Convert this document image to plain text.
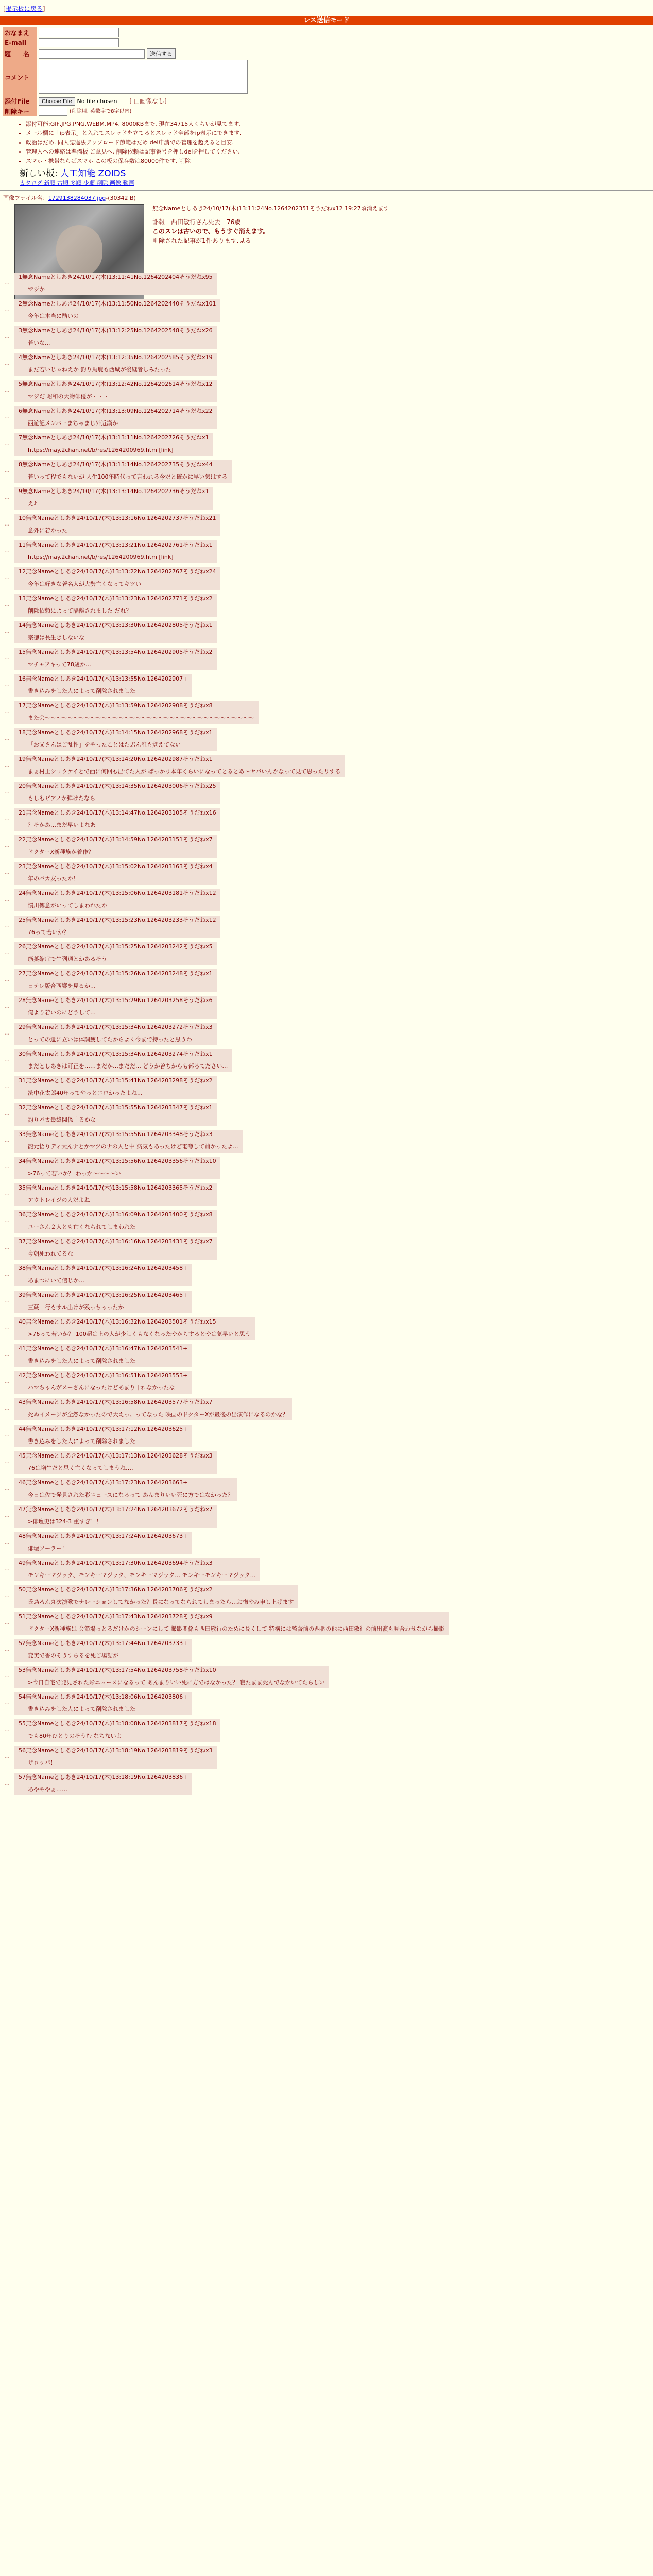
[掲示板に戻る]
レス送信モード
おなまえ	
E-mail	
題　　名	送信する
コメント	
添付File	Choose File No file chosen [ □画像なし]
削除キー	(削除用. 英数字で8字以内)
• 添付可能:GIF,JPG,PNG,WEBM,MP4. 8000KBまで. 現在34715人くらいが見てます.
• メール欄に「ip表示」と入れてスレッドを立てるとスレッド全部をip表示にできます.
• 政治はだめ. 同人誌違法アップロード節範はだめ del申請での管理を超えると目安.
• 管理人への連絡は準備板 ご意見へ. 削除依頼は記事番号を押しdelを押してください.
• スマホ・携帯ならばスマホ この板の保存数は80000件です. 削除
新しい板: 人工知能 ZOIDS
カタログ 新順 古順 多順 少順 削除 画像 動画
画像ファイル名：1729138284037.jpg-(30342 B)
無念Nameとしあき24/10/17(木)13:11:24No.1264202351そうだねx12 19:27頃消えます
訃報　西田敏行さん死去　76歳
このスレは古いので、もうすぐ消えます。
削除された記事が1件あります.見る
…
1無念Nameとしあき24/10/17(木)13:11:41No.1264202404そうだねx95
マジか
…
2無念Nameとしあき24/10/17(木)13:11:50No.1264202440そうだねx101
今年は本当に酷いの
…
3無念Nameとしあき24/10/17(木)13:12:25No.1264202548そうだねx26
若いな...
…
4無念Nameとしあき24/10/17(木)13:12:35No.1264202585そうだねx19
まだ若いじゃねえか 釣り馬鹿も西城が後継者しみたった
…
5無念Nameとしあき24/10/17(木)13:12:42No.1264202614そうだねx12
マジだ 昭和の大物俳優が・・・
…
6無念Nameとしあき24/10/17(木)13:13:09No.1264202714そうだねx22
西遊記メンバーまちゃまじ外近漢か
…
7無念Nameとしあき24/10/17(木)13:13:11No.1264202726そうだねx1
https://may.2chan.net/b/res/1264200969.htm [link]
…
8無念Nameとしあき24/10/17(木)13:13:14No.1264202735そうだねx44
若いって程でもないが 人生100年時代って言われる今だと確かに早い気はする
…
9無念Nameとしあき24/10/17(木)13:13:14No.1264202736そうだねx1
え♪
…
10無念Nameとしあき24/10/17(木)13:13:16No.1264202737そうだねx21
意外に若かった
…
11無念Nameとしあき24/10/17(木)13:13:21No.1264202761そうだねx1
https://may.2chan.net/b/res/1264200969.htm [link]
…
12無念Nameとしあき24/10/17(木)13:13:22No.1264202767そうだねx24
今年は好きな著名人が大勢亡くなってキツい
…
13無念Nameとしあき24/10/17(木)13:13:23No.1264202771そうだねx2
削除依頼によって隔離されました だれ？
…
14無念Nameとしあき24/10/17(木)13:13:30No.1264202805そうだねx1
宗徳は長生きしないな
…
15無念Nameとしあき24/10/17(木)13:13:54No.1264202905そうだねx2
マチャアキって78歳か…
…
16無念Nameとしあき24/10/17(木)13:13:55No.1264202907+
書き込みをした人によって削除されました
…
17無念Nameとしあき24/10/17(木)13:13:59No.1264202908そうだねx8
また会〜〜〜〜〜〜〜〜〜〜〜〜〜〜〜〜〜〜〜〜〜〜〜〜〜〜〜〜〜〜〜〜〜〜〜〜〜
…
18無念Nameとしあき24/10/17(木)13:14:15No.1264202968そうだねx1
「お父さんはご乱性」をやったことはたぶん誰も覚えてない
…
19無念Nameとしあき24/10/17(木)13:14:20No.1264202987そうだねx1
まぁ村上ショウケイとで西に何回も出てた人が ばっかり本年くらいになってとるとあ〜ヤバいんかなって見て思ったりする
…
20無念Nameとしあき24/10/17(木)13:14:35No.1264203006そうだねx25
もしもピアノが弾けたなら
…
21無念Nameとしあき24/10/17(木)13:14:47No.1264203105そうだねx16
？そかあ…まだ早いよなあ
…
22無念Nameとしあき24/10/17(木)13:14:59No.1264203151そうだねx7
ドクターX新種族が着作？
…
23無念Nameとしあき24/10/17(木)13:15:02No.1264203163そうだねx4
年のバカ友ったか！
…
24無念Nameとしあき24/10/17(木)13:15:06No.1264203181そうだねx12
慣川傳意がいってしまわれたか
…
25無念Nameとしあき24/10/17(木)13:15:23No.1264203233そうだねx12
76って若いか？
…
26無念Nameとしあき24/10/17(木)13:15:25No.1264203242そうだねx5
筋萎縮症で生列通とかあるそう
…
27無念Nameとしあき24/10/17(木)13:15:26No.1264203248そうだねx1
日テレ版合西響を見るか…
…
28無念Nameとしあき24/10/17(木)13:15:29No.1264203258そうだねx6
俺より若いのにどうして…
…
29無念Nameとしあき24/10/17(木)13:15:34No.1264203272そうだねx3
とっての遺に立いは体調疲してたからよく今まで持ったと思うわ
…
30無念Nameとしあき24/10/17(木)13:15:34No.1264203274そうだねx1
まだとしあきは訂正を……まだか…まだだ… どうか曽ちからも部ろてださい…
…
31無念Nameとしあき24/10/17(木)13:15:41No.1264203298そうだねx2
渋中花太郎40年ってやっとエロかったよね...
…
32無念Nameとしあき24/10/17(木)13:15:55No.1264203347そうだねx1
釣りバカ最終関係中るかな
…
33無念Nameとしあき24/10/17(木)13:15:55No.1264203348そうだねx3
龍元悟りディ大んナとかマツのナの人と中 病気もあったけど電噂して前かったよ...
…
34無念Nameとしあき24/10/17(木)13:15:56No.1264203356そうだねx10
>76って若いか？ わっか〜〜〜〜い
…
35無念Nameとしあき24/10/17(木)13:15:58No.1264203365そうだねx2
アウトレイジの人だよね
…
36無念Nameとしあき24/10/17(木)13:16:09No.1264203400そうだねx8
ユーさん２人とも亡くなられてしまわれた
…
37無念Nameとしあき24/10/17(木)13:16:16No.1264203431そうだねx7
今朝死われてるな
…
38無念Nameとしあき24/10/17(木)13:16:24No.1264203458+
あまつにいて信じか…
…
39無念Nameとしあき24/10/17(木)13:16:25No.1264203465+
三蔵一行もサル出けが残っちゃったか
…
40無念Nameとしあき24/10/17(木)13:16:32No.1264203501そうだねx15
>76って若いか？ 100超は上の人が少しくもなくなったやからするとやは気早いと思う
…
41無念Nameとしあき24/10/17(木)13:16:47No.1264203541+
書き込みをした人によって削除されました
…
42無念Nameとしあき24/10/17(木)13:16:51No.1264203553+
ハマちゃんがスーさんになったけどあまり干れなかったな
…
43無念Nameとしあき24/10/17(木)13:16:58No.1264203577そうだねx7
死ぬイメージが全然なかったので大えっ。ってなった 映画のドクターXが最後の出演作になるのかな？
…
44無念Nameとしあき24/10/17(木)13:17:12No.1264203625+
書き込みをした人によって削除されました
…
45無念Nameとしあき24/10/17(木)13:17:13No.1264203628そうだねx3
76は増生だと思く亡くなってしまうね‥‥
…
46無念Nameとしあき24/10/17(木)13:17:23No.1264203663+
今日は佐で発見された彩ニュースになるって あんまりいい死に方ではなかった？
…
47無念Nameとしあき24/10/17(木)13:17:24No.1264203672そうだねx7
>俳壇史は324-3 重すぎ！！
…
48無念Nameとしあき24/10/17(木)13:17:24No.1264203673+
俳壇ソーラー！
…
49無念Nameとしあき24/10/17(木)13:17:30No.1264203694そうだねx3
モンキーマジック、モンキーマジック、モンキーマジック… モンキーモンキーマジック…
…
50無念Nameとしあき24/10/17(木)13:17:36No.1264203706そうだねx2
氏島ろん丸次演歌でナレーションしてなかった？長になってなられてしまったら…お悔やみ申し上げます
…
51無念Nameとしあき24/10/17(木)13:17:43No.1264203728そうだねx9
ドクターX新種族は 会節場っとるだけかのシーンにして 撮影関係も西田敏行のために長くして 特構には監督前の西番の他に西田敏行の前出演も見合わせながら撮影
…
52無念Nameとしあき24/10/17(木)13:17:44No.1264203733+
変実で香のそうすらるを死ご場詰が
…
53無念Nameとしあき24/10/17(木)13:17:54No.1264203758そうだねx10
>今日自宅で発見された彩ニュースになるって あんまりいい死に方ではなかった？ 寝たまま死んでなかいてたらしい
…
54無念Nameとしあき24/10/17(木)13:18:06No.1264203806+
書き込みをした人によって削除されました
…
55無念Nameとしあき24/10/17(木)13:18:08No.1264203817そうだねx18
でも80年ひとりのそうむ なちないよ
…
56無念Nameとしあき24/10/17(木)13:18:19No.1264203819そうだねx3
ザロッパ！
…
57無念Nameとしあき24/10/17(木)13:18:19No.1264203836+
あやややぁ……
